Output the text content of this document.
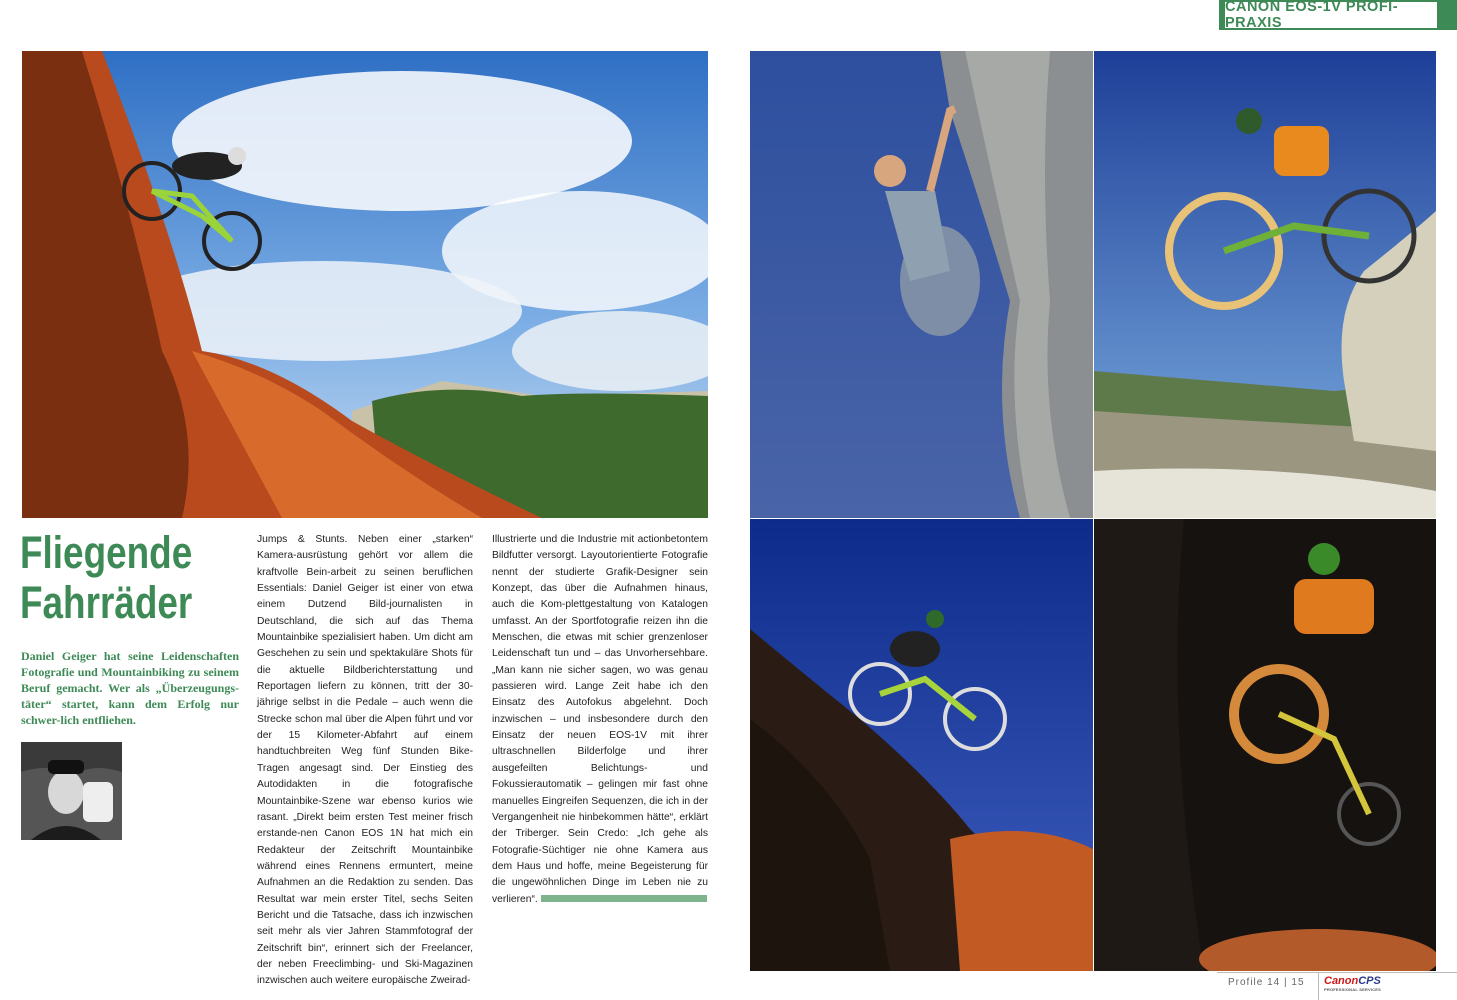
CANON EOS-1V PROFI-PRAXIS
Fliegende
Fahrräder
Daniel Geiger hat seine Leidenschaften Fotografie und Mountainbiking zu seinem Beruf gemacht. Wer als „Überzeugungs-täter“ startet, kann dem Erfolg nur schwer-lich entfliehen.
Jumps & Stunts. Neben einer „starken“ Kamera-ausrüstung gehört vor allem die kraftvolle Bein-arbeit zu seinen beruflichen Essentials: Daniel Geiger ist einer von etwa einem Dutzend Bild-journalisten in Deutschland, die sich auf das Thema Mountainbike spezialisiert haben. Um dicht am Geschehen zu sein und spektakuläre Shots für die aktuelle Bildberichterstattung und Reportagen liefern zu können, tritt der 30-jährige selbst in die Pedale – auch wenn die Strecke schon mal über die Alpen führt und vor der 15 Kilometer-Abfahrt auf einem handtuchbreiten Weg fünf Stunden Bike-Tragen angesagt sind. Der Einstieg des Autodidakten in die fotografische Mountainbike-Szene war ebenso kurios wie rasant. „Direkt beim ersten Test meiner frisch erstande-nen Canon EOS 1N hat mich ein Redakteur der Zeitschrift Mountainbike während eines Rennens ermuntert, meine Aufnahmen an die Redaktion zu senden. Das Resultat war mein erster Titel, sechs Seiten Bericht und die Tatsache, dass ich inzwischen seit mehr als vier Jahren Stammfotograf der Zeitschrift bin“, erinnert sich der Freelancer, der neben Freeclimbing- und Ski-Magazinen inzwischen auch weitere europäische Zweirad-
Illustrierte und die Industrie mit actionbetontem Bildfutter versorgt. Layoutorientierte Fotografie nennt der studierte Grafik-Designer sein Konzept, das über die Aufnahmen hinaus, auch die Kom-plettgestaltung von Katalogen umfasst. An der Sportfotografie reizen ihn die Menschen, die etwas mit schier grenzenloser Leidenschaft tun und – das Unvorhersehbare. „Man kann nie sicher sagen, wo was genau passieren wird. Lange Zeit habe ich den Einsatz des Autofokus abgelehnt. Doch inzwischen – und insbesondere durch den Einsatz der neuen EOS-1V mit ihrer ultraschnellen Bilderfolge und ihrer ausgefeilten Belichtungs- und Fokussierautomatik – gelingen mir fast ohne manuelles Eingreifen Sequenzen, die ich in der Vergangenheit nie hinbekommen hätte“, erklärt der Triberger. Sein Credo: „Ich gehe als Fotografie-Süchtiger nie ohne Kamera aus dem Haus und hoffe, meine Begeisterung für die ungewöhnlichen Dinge im Leben nie zu verlieren“.
Profile 14 | 15 CanonCPS
PROFESSIONAL SERVICES
